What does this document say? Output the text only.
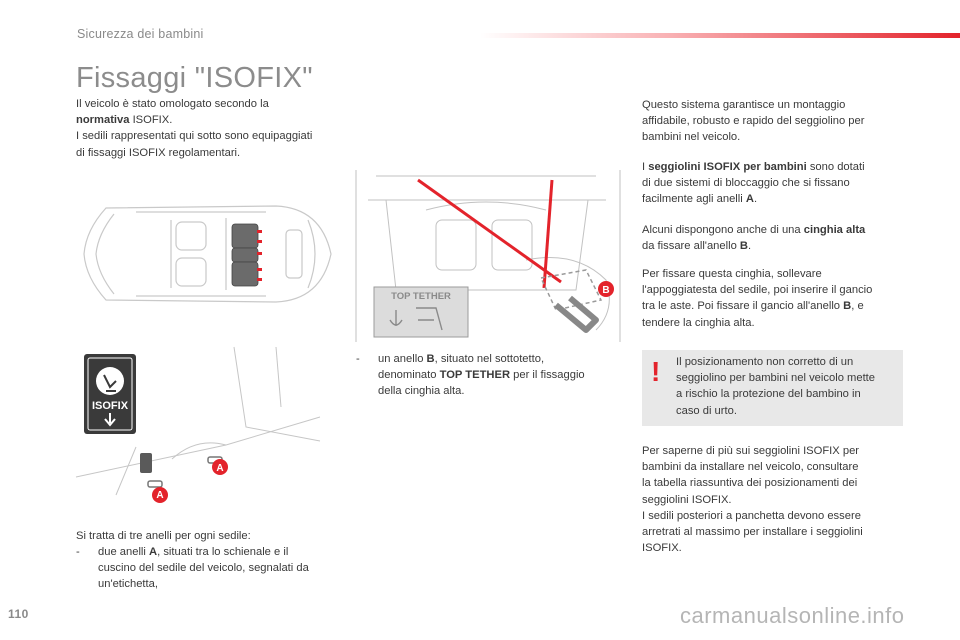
Sicurezza dei bambini
Fissaggi "ISOFIX"
Il veicolo è stato omologato secondo la
normativa ISOFIX.
I sedili rappresentati qui sotto sono equipaggiati
di fissaggi ISOFIX regolamentari.
B
TOP TETHER
ISOFIX
A
A
Si tratta di tre anelli per ogni sedile:
- due anelli A, situati tra lo schienale e il
cuscino del sedile del veicolo, segnalati da
un'etichetta,
- un anello B, situato nel sottotetto,
denominato TOP TETHER per il fissaggio
della cinghia alta.
Questo sistema garantisce un montaggio
affidabile, robusto e rapido del seggiolino per
bambini nel veicolo.
I seggiolini ISOFIX per bambini sono dotati
di due sistemi di bloccaggio che si fissano
facilmente agli anelli A.
Alcuni dispongono anche di una cinghia alta
da fissare all'anello B.
Per fissare questa cinghia, sollevare
l'appoggiatesta del sedile, poi inserire il gancio
tra le aste. Poi fissare il gancio all'anello B, e
tendere la cinghia alta.
! Il posizionamento non corretto di un
seggiolino per bambini nel veicolo mette
a rischio la protezione del bambino in
caso di urto.
Per saperne di più sui seggiolini ISOFIX per
bambini da installare nel veicolo, consultare
la tabella riassuntiva dei posizionamenti dei
seggiolini ISOFIX.
I sedili posteriori a panchetta devono essere
arretrati al massimo per installare i seggiolini
ISOFIX.
110	carmanualsonline.info
